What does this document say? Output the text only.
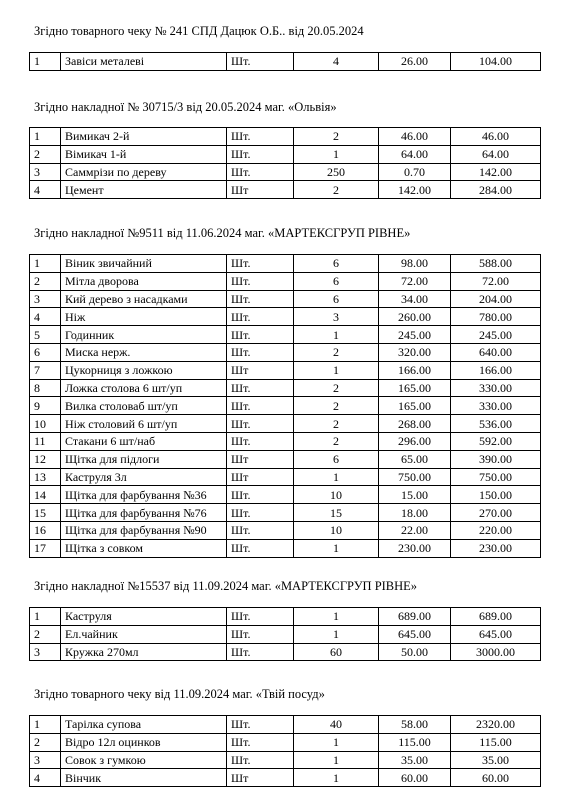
Згідно товарного чеку № 241 СПД Дацюк О.Б.. від 20.05.2024
1	Завіси металеві	Шт.	4	26.00	104.00
Згідно накладної № 30715/3 від 20.05.2024 маг. «Ольвія»
1	Вимикач 2-й	Шт.	2	46.00	46.00
2	Вімикач 1-й	Шт.	1	64.00	64.00
3	Саммрізи по дереву	Шт.	250	0.70	142.00
4	Цемент	Шт	2	142.00	284.00
Згідно накладної №9511 від 11.06.2024 маг. «МАРТЕКСГРУП РІВНЕ»
1	Віник звичайний	Шт.	6	98.00	588.00
2	Мітла дворова	Шт.	6	72.00	72.00
3	Кий дерево з насадками	Шт.	6	34.00	204.00
4	Ніж	Шт.	3	260.00	780.00
5	Годинник	Шт.	1	245.00	245.00
6	Миска нерж.	Шт.	2	320.00	640.00
7	Цукорниця з ложкою	Шт	1	166.00	166.00
8	Ложка столова 6 шт/уп	Шт.	2	165.00	330.00
9	Вилка столоваб шт/уп	Шт.	2	165.00	330.00
10	Ніж столовий 6 шт/уп	Шт.	2	268.00	536.00
11	Стакани 6 шт/наб	Шт.	2	296.00	592.00
12	Щітка для підлоги	Шт	6	65.00	390.00
13	Каструля 3л	Шт	1	750.00	750.00
14	Щітка для фарбування №36	Шт.	10	15.00	150.00
15	Щітка для фарбування №76	Шт.	15	18.00	270.00
16	Щітка для фарбування №90	Шт.	10	22.00	220.00
17	Щітка з совком	Шт.	1	230.00	230.00
Згідно накладної №15537 від 11.09.2024 маг. «МАРТЕКСГРУП РІВНЕ»
1	Каструля	Шт.	1	689.00	689.00
2	Ел.чайник	Шт.	1	645.00	645.00
3	Кружка 270мл	Шт.	60	50.00	3000.00
Згідно товарного чеку від 11.09.2024 маг. «Твій посуд»
1	Тарілка супова	Шт.	40	58.00	2320.00
2	Відро 12л оцинков	Шт.	1	115.00	115.00
3	Совок з гумкою	Шт.	1	35.00	35.00
4	Вінчик	Шт	1	60.00	60.00
